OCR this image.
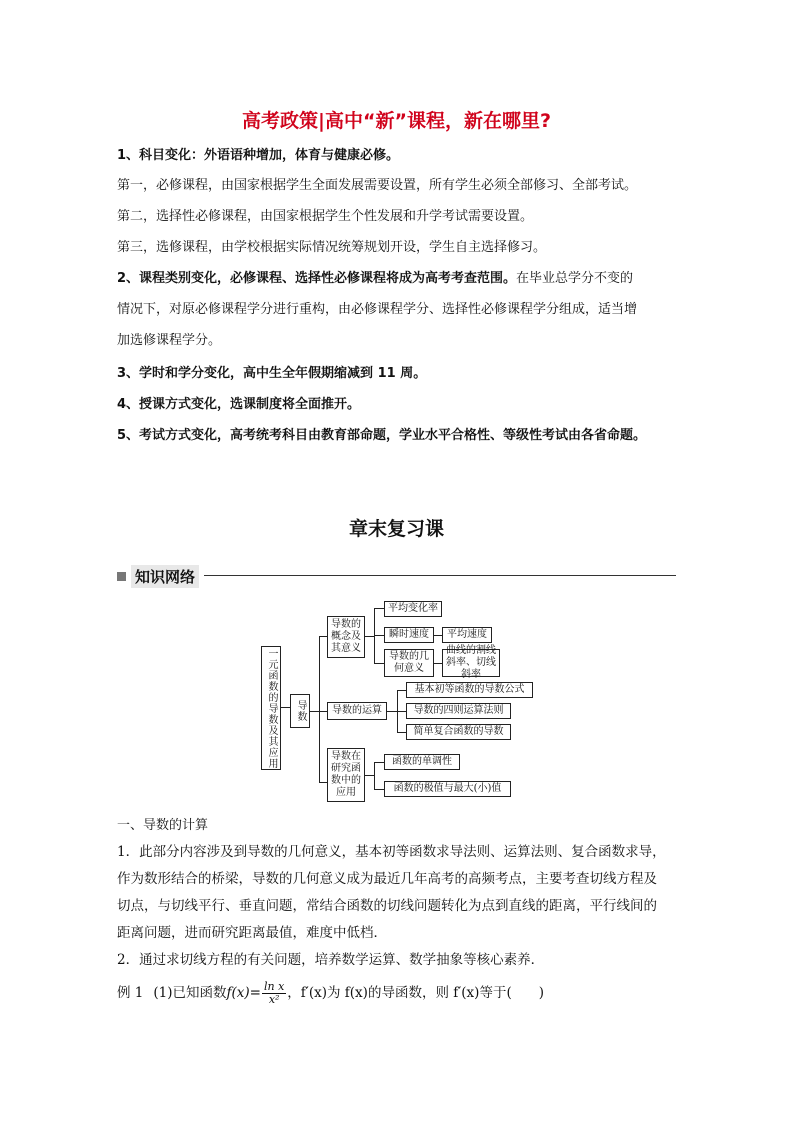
高考政策|高中“新”课程，新在哪里?
1、科目变化：外语语种增加，体育与健康必修。
第一，必修课程，由国家根据学生全面发展需要设置，所有学生必须全部修习、全部考试。
第二，选择性必修课程，由国家根据学生个性发展和升学考试需要设置。
第三，选修课程，由学校根据实际情况统筹规划开设，学生自主选择修习。
2、课程类别变化，必修课程、选择性必修课程将成为高考考查范围。在毕业总学分不变的
情况下，对原必修课程学分进行重构，由必修课程学分、选择性必修课程学分组成，适当增
加选修课程学分。
3、学时和学分变化，高中生全年假期缩减到 11 周。
4、授课方式变化，选课制度将全面推开。
5、考试方式变化，高考统考科目由教育部命题，学业水平合格性、等级性考试由各省命题。
章末复习课
知识网络
一元函数的导数及其应用	导数
导数的概念及其意义
平均变化率
瞬时速度	平均速度
导数的几何意义
曲线的割线斜率、切线斜率
导数的运算
基本初等函数的导数公式
导数的四则运算法则
简单复合函数的导数
导数在研究函数中的应用
函数的单调性
函数的极值与最大(小)值
一、导数的计算
1．此部分内容涉及到导数的几何意义，基本初等函数求导法则、运算法则、复合函数求导，
作为数形结合的桥梁，导数的几何意义成为最近几年高考的高频考点，主要考查切线方程及
切点，与切线平行、垂直问题，常结合函数的切线问题转化为点到直线的距离，平行线间的
距离问题，进而研究距离最值，难度中低档．
2．通过求切线方程的有关问题，培养数学运算、数学抽象等核心素养．
例 1 (1)已知函数 $f(x)= \frac{\text{ln x}}{\text{x²}}$ ，f′(x)为 f(x)的导函数，则 f′(x)等于(　　)
